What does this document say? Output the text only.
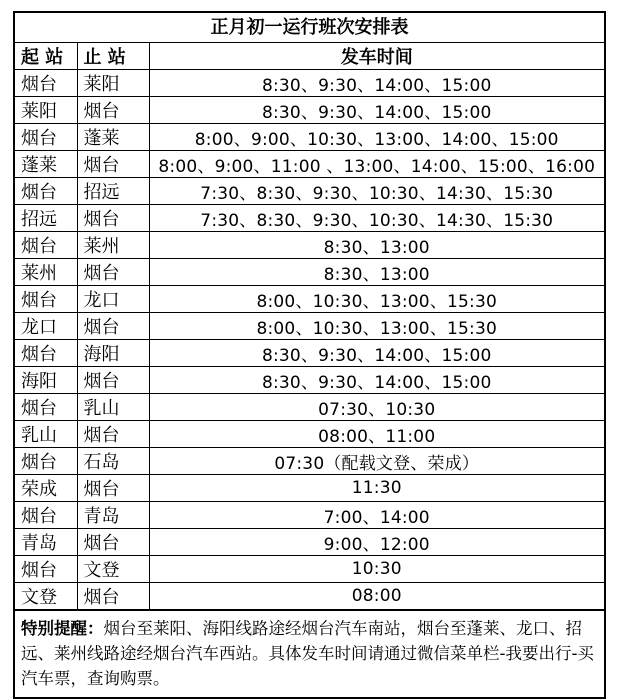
正月初一运行班次安排表
起 站	止 站	发车时间
烟台	莱阳	8:30、9:30、14:00、15:00
莱阳	烟台	8:30、9:30、14:00、15:00
烟台	蓬莱	8:00、9:00、10:30、13:00、14:00、15:00
蓬莱	烟台	8:00、9:00、11:00 、13:00、14:00、15:00、16:00
烟台	招远	7:30、8:30、9:30、10:30、14:30、15:30
招远	烟台	7:30、8:30、9:30、10:30、14:30、15:30
烟台	莱州	8:30、13:00
莱州	烟台	8:30、13:00
烟台	龙口	8:00、10:30、13:00、15:30
龙口	烟台	8:00、10:30、13:00、15:30
烟台	海阳	8:30、9:30、14:00、15:00
海阳	烟台	8:30、9:30、14:00、15:00
烟台	乳山	07:30、10:30
乳山	烟台	08:00、11:00
烟台	石岛	07:30（配载文登、荣成）
荣成	烟台	11:30
烟台	青岛	7:00、14:00
青岛	烟台	9:00、12:00
烟台	文登	10:30
文登	烟台	08:00
特别提醒：烟台至莱阳、海阳线路途经烟台汽车南站，烟台至蓬莱、龙口、招远、莱州线路途经烟台汽车西站。具体发车时间请通过微信菜单栏-我要出行-买汽车票，查询购票。
